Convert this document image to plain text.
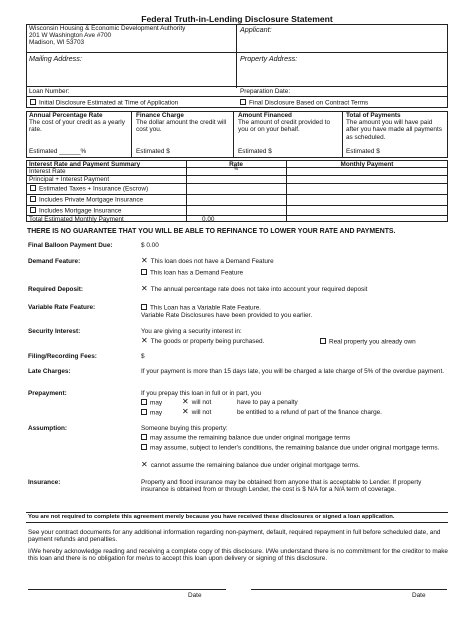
Federal Truth-in-Lending Disclosure Statement
Wisconsin Housing & Economic Development Authority
201 W Washington Ave #700
Madison, WI 53703
Applicant:
Mailing Address:	Property Address:
Loan Number:	Preparation Date:
Initial Disclosure Estimated at Time of Application	Final Disclosure Based on Contract Terms
Annual Percentage Rate
The cost of your credit as a yearly rate.
Estimated ______%
Finance Charge
The dollar amount the credit will cost you.
Estimated $
Amount Financed
The amount of credit provided to you or on your behalf.
Estimated $
Total of Payments
The amount you will have paid after you have made all payments as scheduled.
Estimated $
Interest Rate and Payment Summary	Rate	Monthly Payment
Interest Rate	%
Principal + Interest Payment
Estimated Taxes + Insurance (Escrow)
Includes Private Mortgage Insurance
Includes Mortgage Insurance
Total Estimated Monthly Payment	0.00
THERE IS NO GUARANTEE THAT YOU WILL BE ABLE TO REFINANCE TO LOWER YOUR RATE AND PAYMENTS.
Final Balloon Payment Due:	$ 0.00
Demand Feature:	✕ This loan does not have a Demand Feature
This loan has a Demand Feature
Required Deposit:	✕ The annual percentage rate does not take into account your required deposit
Variable Rate Feature:	This Loan has a Variable Rate Feature.
Variable Rate Disclosures have been provided to you earlier.
Security Interest:	You are giving a security interest in:
✕ The goods or property being purchased.	Real property you already own
Filing/Recording Fees:	$
Late Charges:	If your payment is more than 15 days late, you will be charged a late charge of 5% of the overdue payment.
Prepayment:	If you prepay this loan in full or in part, you
may ✕ will not	have to pay a penalty
may ✕ will not	be entitled to a refund of part of the finance charge.
Assumption:	Someone buying this property:
may assume the remaining balance due under original mortgage terms
may assume, subject to lender's conditions, the remaining balance due under original mortgage terms.
✕ cannot assume the remaining balance due under original mortgage terms.
Insurance:	Property and flood insurance may be obtained from anyone that is acceptable to Lender. If property insurance is obtained from or through Lender, the cost is $ N/A for a N/A term of coverage.
You are not required to complete this agreement merely because you have received these disclosures or signed a loan application.
See your contract documents for any additional information regarding non-payment, default, required repayment in full before scheduled date, and payment refunds and penalties.
I/We hereby acknowledge reading and receiving a complete copy of this disclosure. I/We understand there is no commitment for the creditor to make this loan and there is no obligation for me/us to accept this loan upon delivery or signing of this disclosure.
Date	Date
